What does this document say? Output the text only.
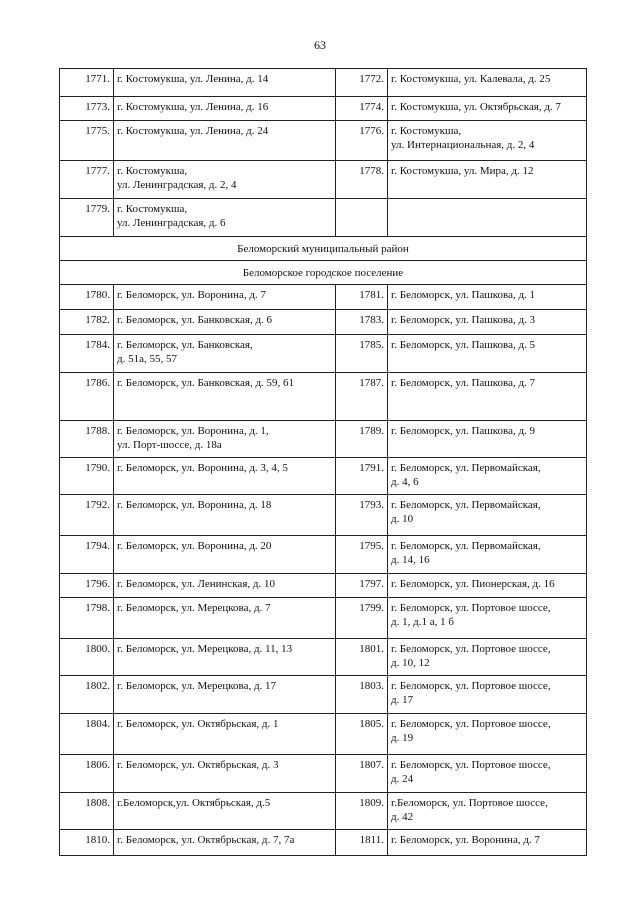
63
1771.	г. Костомукша, ул. Ленина, д. 14	1772.	г. Костомукша, ул. Калевала, д. 25

1773.	г. Костомукша, ул. Ленина, д. 16	1774.	г. Костомукша, ул. Октябрьская, д. 7

1775.	г. Костомукша, ул. Ленина, д. 24	1776.	г. Костомукша,
ул. Интернациональная, д. 2, 4

1777.	г. Костомукша,
ул. Ленинградская, д. 2, 4	1778.	г. Костомукша, ул. Мира, д. 12

1779.	г. Костомукша,
ул. Ленинградская, д. 6		

Беломорский муниципальный район			
Беломорское городское поселение			
1780.	г. Беломорск, ул. Воронина, д. 7	1781.	г. Беломорск, ул. Пашкова, д. 1

1782.	г. Беломорск, ул. Банковская, д. 6	1783.	г. Беломорск, ул. Пашкова, д. 3

1784.	г. Беломорск, ул. Банковская,
д. 51а, 55, 57	1785.	г. Беломорск, ул. Пашкова, д. 5

1786.	г. Беломорск, ул. Банковская, д. 59, 61	1787.	г. Беломорск, ул. Пашкова, д. 7

1788.	г. Беломорск, ул. Воронина, д. 1,
ул. Порт-шоссе, д. 18а	1789.	г. Беломорск, ул. Пашкова, д. 9

1790.	г. Беломорск, ул. Воронина, д. 3, 4, 5	1791.	г. Беломорск, ул. Первомайская,
д. 4, 6

1792.	г. Беломорск, ул. Воронина, д. 18	1793.	г. Беломорск, ул. Первомайская,
д. 10

1794.	г. Беломорск, ул. Воронина, д. 20	1795.	г. Беломорск, ул. Первомайская,
д. 14, 16

1796.	г. Беломорск, ул. Ленинская, д. 10	1797.	г. Беломорск, ул. Пионерская, д. 16

1798.	г. Беломорск, ул. Мерецкова, д. 7	1799.	г. Беломорск, ул. Портовое шоссе,
д. 1, д.1 а, 1 б

1800.	г. Беломорск, ул. Мерецкова, д. 11, 13	1801.	г. Беломорск, ул. Портовое шоссе,
д. 10, 12

1802.	г. Беломорск, ул. Мерецкова, д. 17	1803.	г. Беломорск, ул. Портовое шоссе,
д. 17

1804.	г. Беломорск, ул. Октябрьская, д. 1	1805.	г. Беломорск, ул. Портовое шоссе,
д. 19

1806.	г. Беломорск, ул. Октябрьская, д. 3	1807.	г. Беломорск, ул. Портовое шоссе,
д. 24

1808.	г.Беломорск,ул. Октябрьская, д.5	1809.	г.Беломорск, ул. Портовое шоссе,
д. 42

1810.	г. Беломорск, ул. Октябрьская, д. 7, 7а	1811.	г. Беломорск, ул. Воронина, д. 7
